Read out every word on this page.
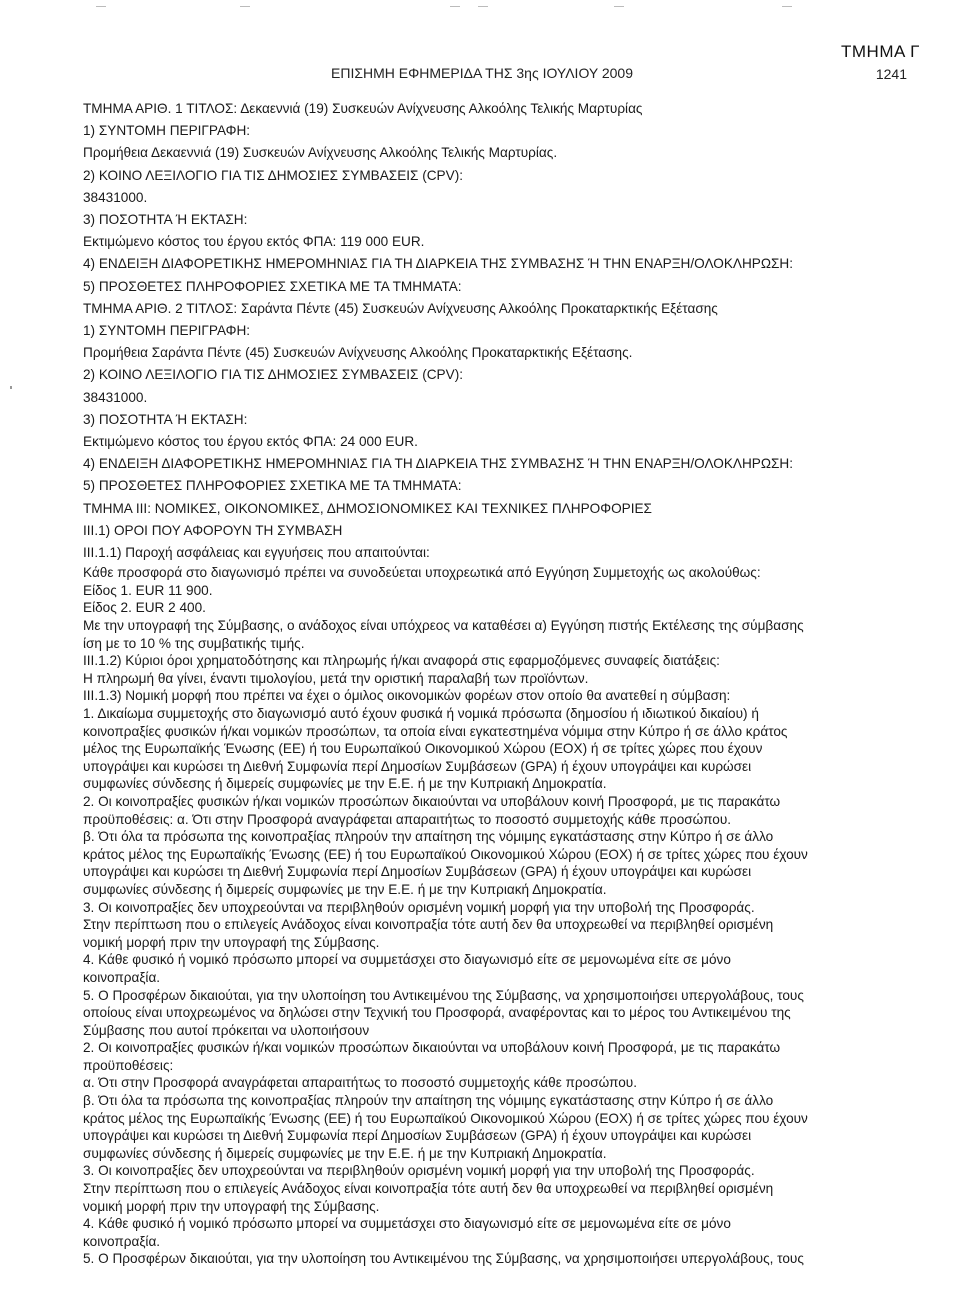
ΤΜΗΜΑ Γ
ΕΠΙΣΗΜΗ ΕΦΗΜΕΡΙΔΑ ΤΗΣ 3ης ΙΟΥΛΙΟΥ 2009	1241
ΤΜΗΜΑ ΑΡΙΘ. 1 ΤΙΤΛΟΣ: Δεκαεννιά (19) Συσκευών Ανίχνευσης Αλκοόλης Τελικής Μαρτυρίας
1) ΣΥΝΤΟΜΗ ΠΕΡΙΓΡΑΦΗ:
Προμήθεια Δεκαεννιά (19) Συσκευών Ανίχνευσης Αλκοόλης Τελικής Μαρτυρίας.
2) ΚΟΙΝΟ ΛΕΞΙΛΟΓΙΟ ΓΙΑ ΤΙΣ ΔΗΜΟΣΙΕΣ ΣΥΜΒΑΣΕΙΣ (CPV):
38431000.
3) ΠΟΣΟΤΗΤΑ Ή ΕΚΤΑΣΗ:
Εκτιμώμενο κόστος του έργου εκτός ΦΠΑ: 119 000 EUR.
4) ΕΝΔΕΙΞΗ ΔΙΑΦΟΡΕΤΙΚΗΣ ΗΜΕΡΟΜΗΝΙΑΣ ΓΙΑ ΤΗ ΔΙΑΡΚΕΙΑ ΤΗΣ ΣΥΜΒΑΣΗΣ Ή ΤΗΝ ΕΝΑΡΞΗ/ΟΛΟΚΛΗΡΩΣΗ:
5) ΠΡΟΣΘΕΤΕΣ ΠΛΗΡΟΦΟΡΙΕΣ ΣΧΕΤΙΚΑ ΜΕ ΤΑ ΤΜΗΜΑΤΑ:
ΤΜΗΜΑ ΑΡΙΘ. 2 ΤΙΤΛΟΣ: Σαράντα Πέντε (45) Συσκευών Ανίχνευσης Αλκοόλης Προκαταρκτικής Εξέτασης
1) ΣΥΝΤΟΜΗ ΠΕΡΙΓΡΑΦΗ:
Προμήθεια Σαράντα Πέντε (45) Συσκευών Ανίχνευσης Αλκοόλης Προκαταρκτικής Εξέτασης.
2) ΚΟΙΝΟ ΛΕΞΙΛΟΓΙΟ ΓΙΑ ΤΙΣ ΔΗΜΟΣΙΕΣ ΣΥΜΒΑΣΕΙΣ (CPV):
38431000.
3) ΠΟΣΟΤΗΤΑ Ή ΕΚΤΑΣΗ:
Εκτιμώμενο κόστος του έργου εκτός ΦΠΑ: 24 000 EUR.
4) ΕΝΔΕΙΞΗ ΔΙΑΦΟΡΕΤΙΚΗΣ ΗΜΕΡΟΜΗΝΙΑΣ ΓΙΑ ΤΗ ΔΙΑΡΚΕΙΑ ΤΗΣ ΣΥΜΒΑΣΗΣ Ή ΤΗΝ ΕΝΑΡΞΗ/ΟΛΟΚΛΗΡΩΣΗ:
5) ΠΡΟΣΘΕΤΕΣ ΠΛΗΡΟΦΟΡΙΕΣ ΣΧΕΤΙΚΑ ΜΕ ΤΑ ΤΜΗΜΑΤΑ:
ΤΜΗΜΑ ΙΙΙ: ΝΟΜΙΚΕΣ, ΟΙΚΟΝΟΜΙΚΕΣ, ΔΗΜΟΣΙΟΝΟΜΙΚΕΣ ΚΑΙ ΤΕΧΝΙΚΕΣ ΠΛΗΡΟΦΟΡΙΕΣ
III.1) ΟΡΟΙ ΠΟΥ ΑΦΟΡΟΥΝ ΤΗ ΣΥΜΒΑΣΗ
III.1.1) Παροχή ασφάλειας και εγγυήσεις που απαιτούνται:
Κάθε προσφορά στο διαγωνισμό πρέπει να συνοδεύεται υποχρεωτικά από Εγγύηση Συμμετοχής ως ακολούθως:
Είδος 1. EUR 11 900.
Είδος 2. EUR 2 400.
Με την υπογραφή της Σύμβασης, ο ανάδοχος είναι υπόχρεος να καταθέσει α) Εγγύηση πιστής Εκτέλεσης της σύμβασης
ίση με το 10 % της συμβατικής τιμής.
III.1.2) Κύριοι όροι χρηματοδότησης και πληρωμής ή/και αναφορά στις εφαρμοζόμενες συναφείς διατάξεις:
Η πληρωμή θα γίνει, έναντι τιμολογίου, μετά την οριστική παραλαβή των προϊόντων.
III.1.3) Νομική μορφή που πρέπει να έχει ο όμιλος οικονομικών φορέων στον οποίο θα ανατεθεί η σύμβαση:
1. Δικαίωμα συμμετοχής στο διαγωνισμό αυτό έχουν φυσικά ή νομικά πρόσωπα (δημοσίου ή ιδιωτικού δικαίου) ή
κοινοπραξίες φυσικών ή/και νομικών προσώπων, τα οποία είναι εγκατεστημένα νόμιμα στην Κύπρο ή σε άλλο κράτος
μέλος της Ευρωπαϊκής Ένωσης (ΕΕ) ή του Ευρωπαϊκού Οικονομικού Χώρου (ΕΟΧ) ή σε τρίτες χώρες που έχουν
υπογράψει και κυρώσει τη Διεθνή Συμφωνία περί Δημοσίων Συμβάσεων (GPA) ή έχουν υπογράψει και κυρώσει
συμφωνίες σύνδεσης ή διμερείς συμφωνίες με την Ε.Ε. ή με την Κυπριακή Δημοκρατία.
2. Οι κοινοπραξίες φυσικών ή/και νομικών προσώπων δικαιούνται να υποβάλουν κοινή Προσφορά, με τις παρακάτω
προϋποθέσεις: α. Ότι στην Προσφορά αναγράφεται απαραιτήτως το ποσοστό συμμετοχής κάθε προσώπου.
β. Ότι όλα τα πρόσωπα της κοινοπραξίας πληρούν την απαίτηση της νόμιμης εγκατάστασης στην Κύπρο ή σε άλλο
κράτος μέλος της Ευρωπαϊκής Ένωσης (ΕΕ) ή του Ευρωπαϊκού Οικονομικού Χώρου (ΕΟΧ) ή σε τρίτες χώρες που έχουν
υπογράψει και κυρώσει τη Διεθνή Συμφωνία περί Δημοσίων Συμβάσεων (GPA) ή έχουν υπογράψει και κυρώσει
συμφωνίες σύνδεσης ή διμερείς συμφωνίες με την Ε.Ε. ή με την Κυπριακή Δημοκρατία.
3. Οι κοινοπραξίες δεν υποχρεούνται να περιβληθούν ορισμένη νομική μορφή για την υποβολή της Προσφοράς.
Στην περίπτωση που ο επιλεγείς Ανάδοχος είναι κοινοπραξία τότε αυτή δεν θα υποχρεωθεί να περιβληθεί ορισμένη
νομική μορφή πριν την υπογραφή της Σύμβασης.
4. Κάθε φυσικό ή νομικό πρόσωπο μπορεί να συμμετάσχει στο διαγωνισμό είτε σε μεμονωμένα είτε σε μόνο
κοινοπραξία.
5. Ο Προσφέρων δικαιούται, για την υλοποίηση του Αντικειμένου της Σύμβασης, να χρησιμοποιήσει υπεργολάβους, τους
οποίους είναι υποχρεωμένος να δηλώσει στην Τεχνική του Προσφορά, αναφέροντας και το μέρος του Αντικειμένου της
Σύμβασης που αυτοί πρόκειται να υλοποιήσουν
2. Οι κοινοπραξίες φυσικών ή/και νομικών προσώπων δικαιούνται να υποβάλουν κοινή Προσφορά, με τις παρακάτω
προϋποθέσεις:
α. Ότι στην Προσφορά αναγράφεται απαραιτήτως το ποσοστό συμμετοχής κάθε προσώπου.
β. Ότι όλα τα πρόσωπα της κοινοπραξίας πληρούν την απαίτηση της νόμιμης εγκατάστασης στην Κύπρο ή σε άλλο
κράτος μέλος της Ευρωπαϊκής Ένωσης (ΕΕ) ή του Ευρωπαϊκού Οικονομικού Χώρου (ΕΟΧ) ή σε τρίτες χώρες που έχουν
υπογράψει και κυρώσει τη Διεθνή Συμφωνία περί Δημοσίων Συμβάσεων (GPA) ή έχουν υπογράψει και κυρώσει
συμφωνίες σύνδεσης ή διμερείς συμφωνίες με την Ε.Ε. ή με την Κυπριακή Δημοκρατία.
3. Οι κοινοπραξίες δεν υποχρεούνται να περιβληθούν ορισμένη νομική μορφή για την υποβολή της Προσφοράς.
Στην περίπτωση που ο επιλεγείς Ανάδοχος είναι κοινοπραξία τότε αυτή δεν θα υποχρεωθεί να περιβληθεί ορισμένη
νομική μορφή πριν την υπογραφή της Σύμβασης.
4. Κάθε φυσικό ή νομικό πρόσωπο μπορεί να συμμετάσχει στο διαγωνισμό είτε σε μεμονωμένα είτε σε μόνο
κοινοπραξία.
5. Ο Προσφέρων δικαιούται, για την υλοποίηση του Αντικειμένου της Σύμβασης, να χρησιμοποιήσει υπεργολάβους, τους
